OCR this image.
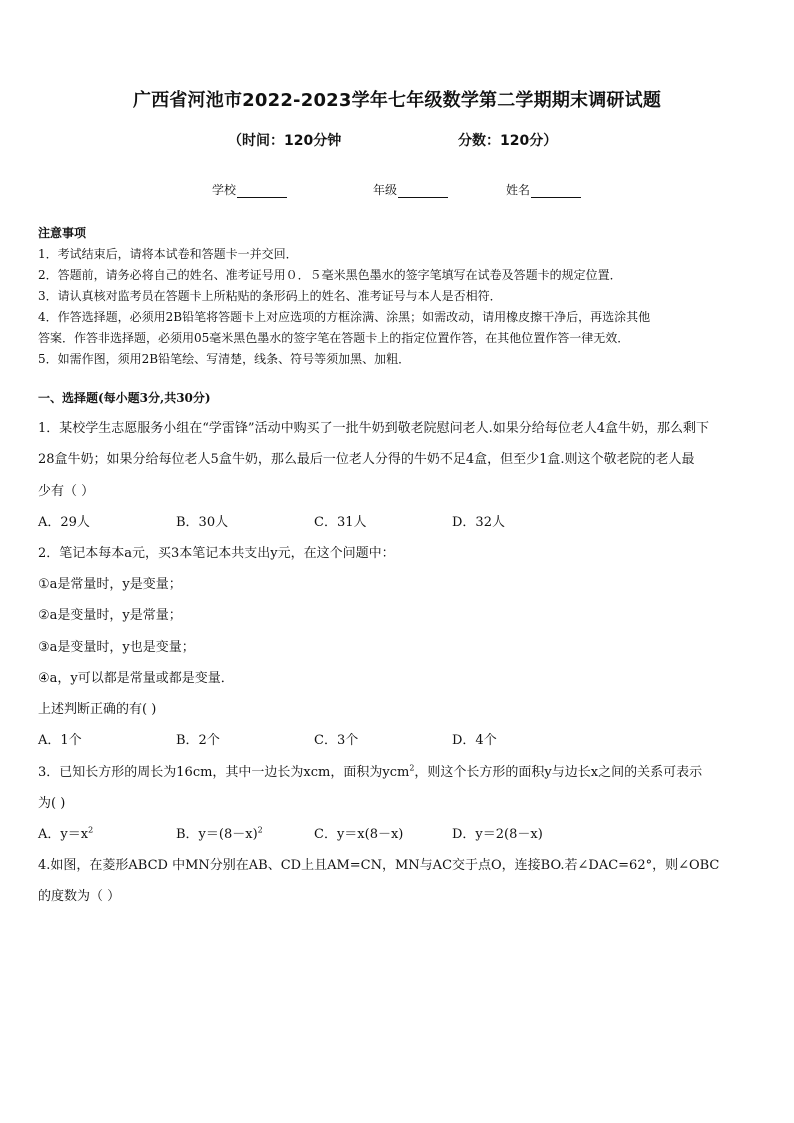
广西省河池市2022-2023学年七年级数学第二学期期末调研试题
（时间：120分钟	分数：120分）
学校	年级	姓名
注意事项
1．考试结束后，请将本试卷和答题卡一并交回．
2．答题前，请务必将自己的姓名、准考证号用０．５毫米黑色墨水的签字笔填写在试卷及答题卡的规定位置．
3．请认真核对监考员在答题卡上所粘贴的条形码上的姓名、准考证号与本人是否相符．
4．作答选择题，必须用2B铅笔将答题卡上对应选项的方框涂满、涂黑；如需改动，请用橡皮擦干净后，再选涂其他
答案．作答非选择题，必须用05毫米黑色墨水的签字笔在答题卡上的指定位置作答，在其他位置作答一律无效．
5．如需作图，须用2B铅笔绘、写清楚，线条、符号等须加黑、加粗．
一、选择题(每小题3分,共30分)
1．某校学生志愿服务小组在“学雷锋”活动中购买了一批牛奶到敬老院慰问老人.如果分给每位老人4盒牛奶，那么剩下
28盒牛奶；如果分给每位老人5盒牛奶，那么最后一位老人分得的牛奶不足4盒，但至少1盒.则这个敬老院的老人最
少有（ ）
A．29人	B．30人	C．31人	D．32人
2．笔记本每本a元，买3本笔记本共支出y元，在这个问题中：
①a是常量时，y是变量；
②a是变量时，y是常量；
③a是变量时，y也是变量；
④a，y可以都是常量或都是变量．
上述判断正确的有( )
A．1个	B．2个	C．3个	D．4个
3．已知长方形的周长为16cm，其中一边长为xcm，面积为ycm$^2$，则这个长方形的面积y与边长x之间的关系可表示
为( )
A．$y=x^2$	B．$y=(8-x)^2$	C．y＝x(8－x)	D．y＝2(8－x)
4.如图，在菱形ABCD 中MN分别在AB、CD上且AM=CN，MN与AC交于点O，连接BO.若∠DAC=62°，则∠OBC
的度数为（ ）
